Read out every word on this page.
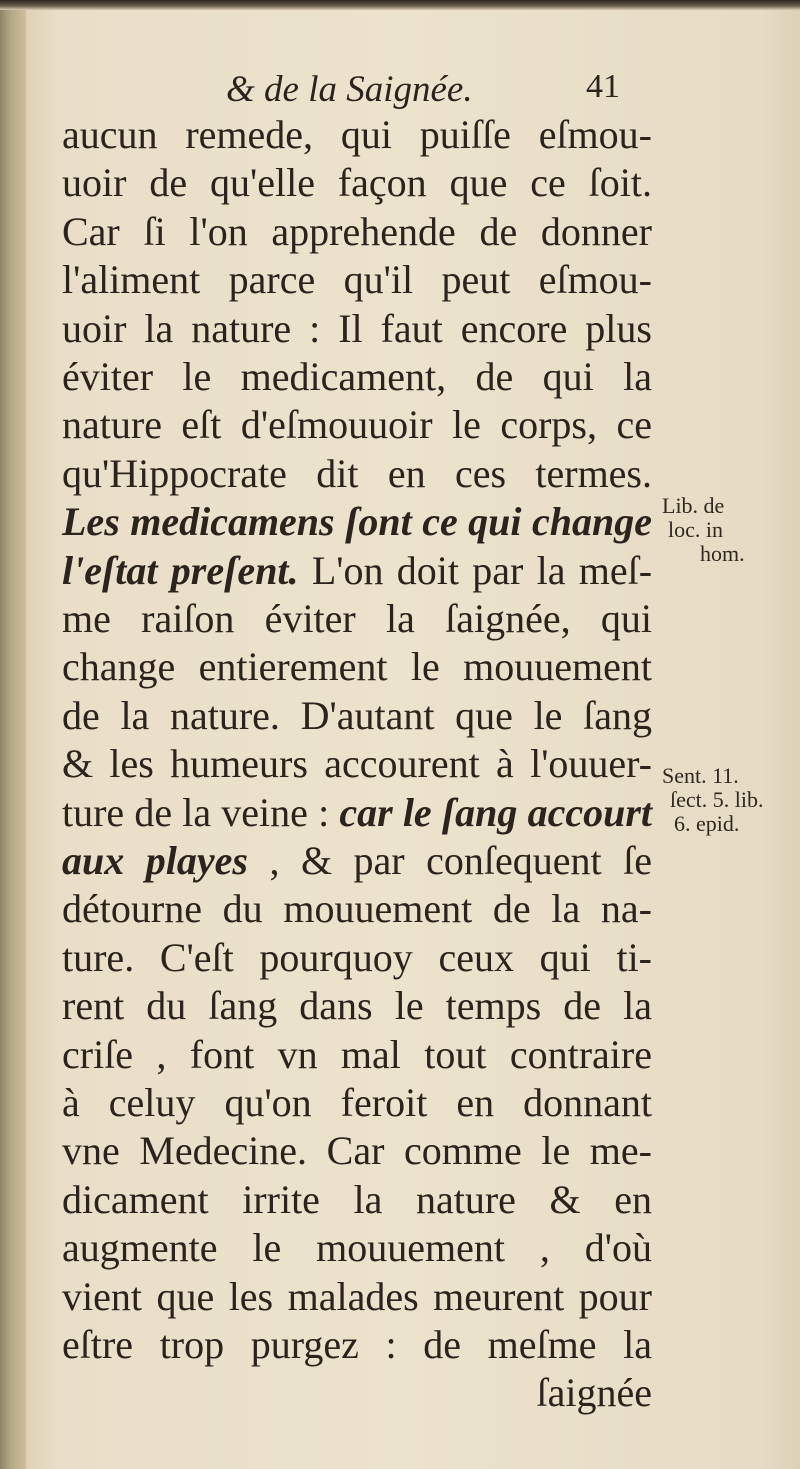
& de la Saignée.	41
aucun remede, qui puiſſe eſmou-
uoir de qu'elle façon que ce ſoit.
Car ſi l'on apprehende de donner
l'aliment parce qu'il peut eſmou-
uoir la nature : Il faut encore plus
éviter le medicament, de qui la
nature eſt d'eſmouuoir le corps, ce
qu'Hippocrate dit en ces termes.
Les medicamens ſont ce qui change
l'eſtat preſent. L'on doit par la meſ-
me raiſon éviter la ſaignée, qui
change entierement le mouuement
de la nature. D'autant que le ſang
& les humeurs accourent à l'ouuer-
ture de la veine : car le ſang accourt
aux playes , & par conſequent ſe
détourne du mouuement de la na-
ture. C'eſt pourquoy ceux qui ti-
rent du ſang dans le temps de la
criſe , font vn mal tout contraire
à celuy qu'on feroit en donnant
vne Medecine. Car comme le me-
dicament irrite la nature & en
augmente le mouuement , d'où
vient que les malades meurent pour
eſtre trop purgez : de meſme la
ſaignée
Lib. de
loc. in
hom.
Sent. 11.
ſect. 5. lib.
6. epid.
